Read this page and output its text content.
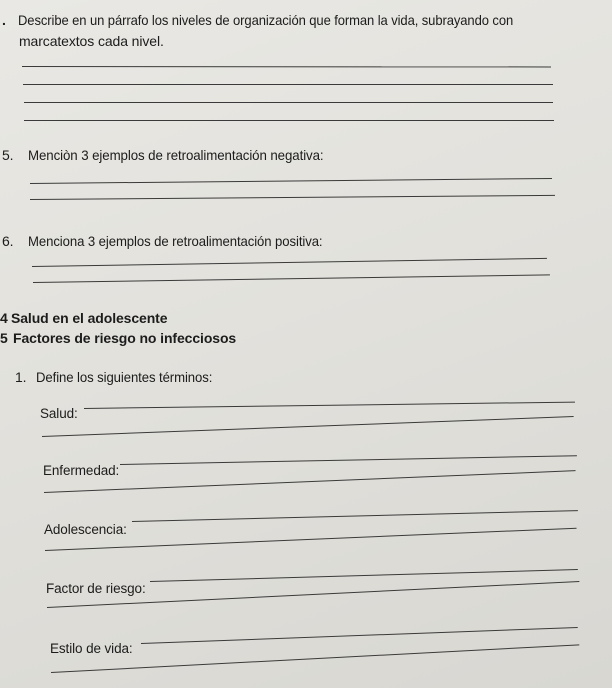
. Describe en un párrafo los niveles de organización que forman la vida, subrayando con
marcatextos cada nivel.
5. Menciòn 3 ejemplos de retroalimentación negativa:
6. Menciona 3 ejemplos de retroalimentación positiva:
4 Salud en el adolescente
5 Factores de riesgo no infecciosos
1. Define los siguientes términos:
Salud:
Enfermedad:
Adolescencia:
Factor de riesgo:
Estilo de vida:
